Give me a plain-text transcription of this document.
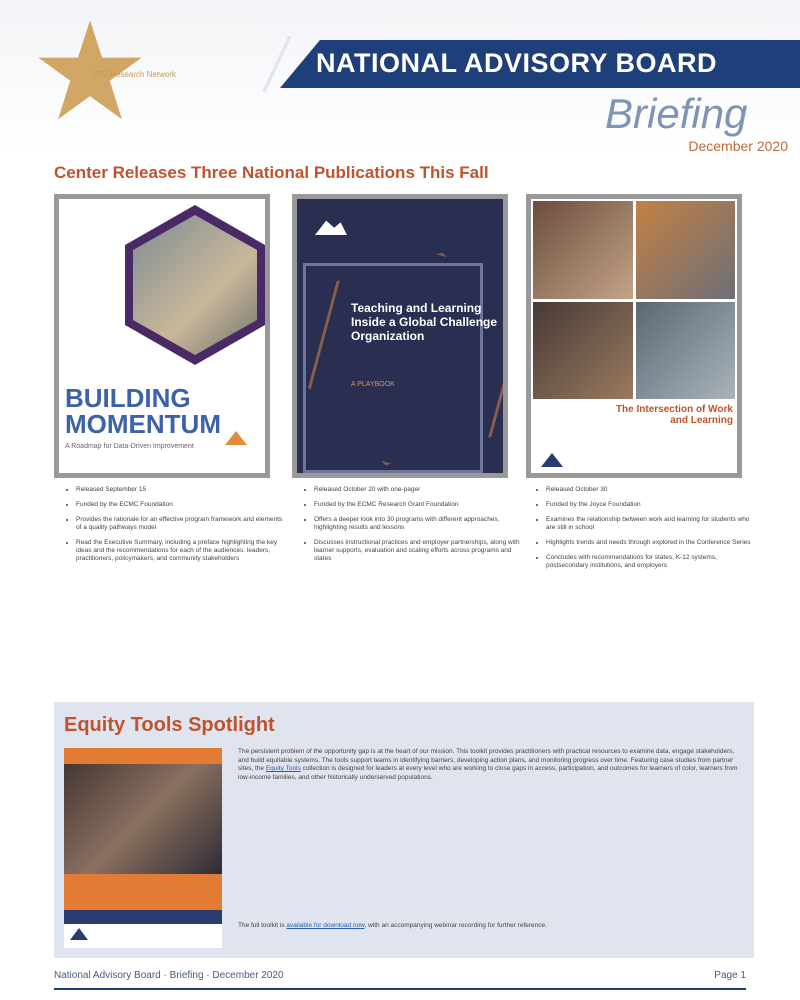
CTE Research Network	NATIONAL ADVISORY BOARD
Briefing
December 2020
Center Releases Three National Publications This Fall
BUILDING MOMENTUM
A Roadmap for Data-Driven Improvement
Teaching and Learning Inside a Global Challenge Organization
A PLAYBOOK
The Intersection of Work and Learning
• Released September 15
• Funded by the ECMC Foundation
• Provides the rationale for an effective program framework and elements of a quality pathways model
• Read the Executive Summary, including a preface highlighting the key ideas and the recommendations for each of the audiences: leaders, practitioners, policymakers, and community stakeholders
• Released October 20 with one-pager
• Funded by the ECMC Research Grant Foundation
• Offers a deeper look into 30 programs with different approaches, highlighting results and lessons
• Discusses instructional practices and employer partnerships, along with learner supports, evaluation and scaling efforts across programs and states
• Released October 30
• Funded by the Joyce Foundation
• Examines the relationship between work and learning for students who are still in school
• Highlights trends and needs through explored in the Conference Series
• Concludes with recommendations for states, K-12 systems, postsecondary institutions, and employers
Equity Tools Spotlight
The persistent problem of the opportunity gap is at the heart of our mission. This toolkit provides practitioners with practical resources to examine data, engage stakeholders, and build equitable systems. The tools support teams in identifying barriers, developing action plans, and monitoring progress over time. Featuring case studies from partner sites, the Equity Tools collection is designed for leaders at every level who are working to close gaps in access, participation, and outcomes for learners of color, learners from low-income families, and other historically underserved populations.
The full toolkit is available for download now, with an accompanying webinar recording for further reference.
National Advisory Board · Briefing · December 2020	Page 1
